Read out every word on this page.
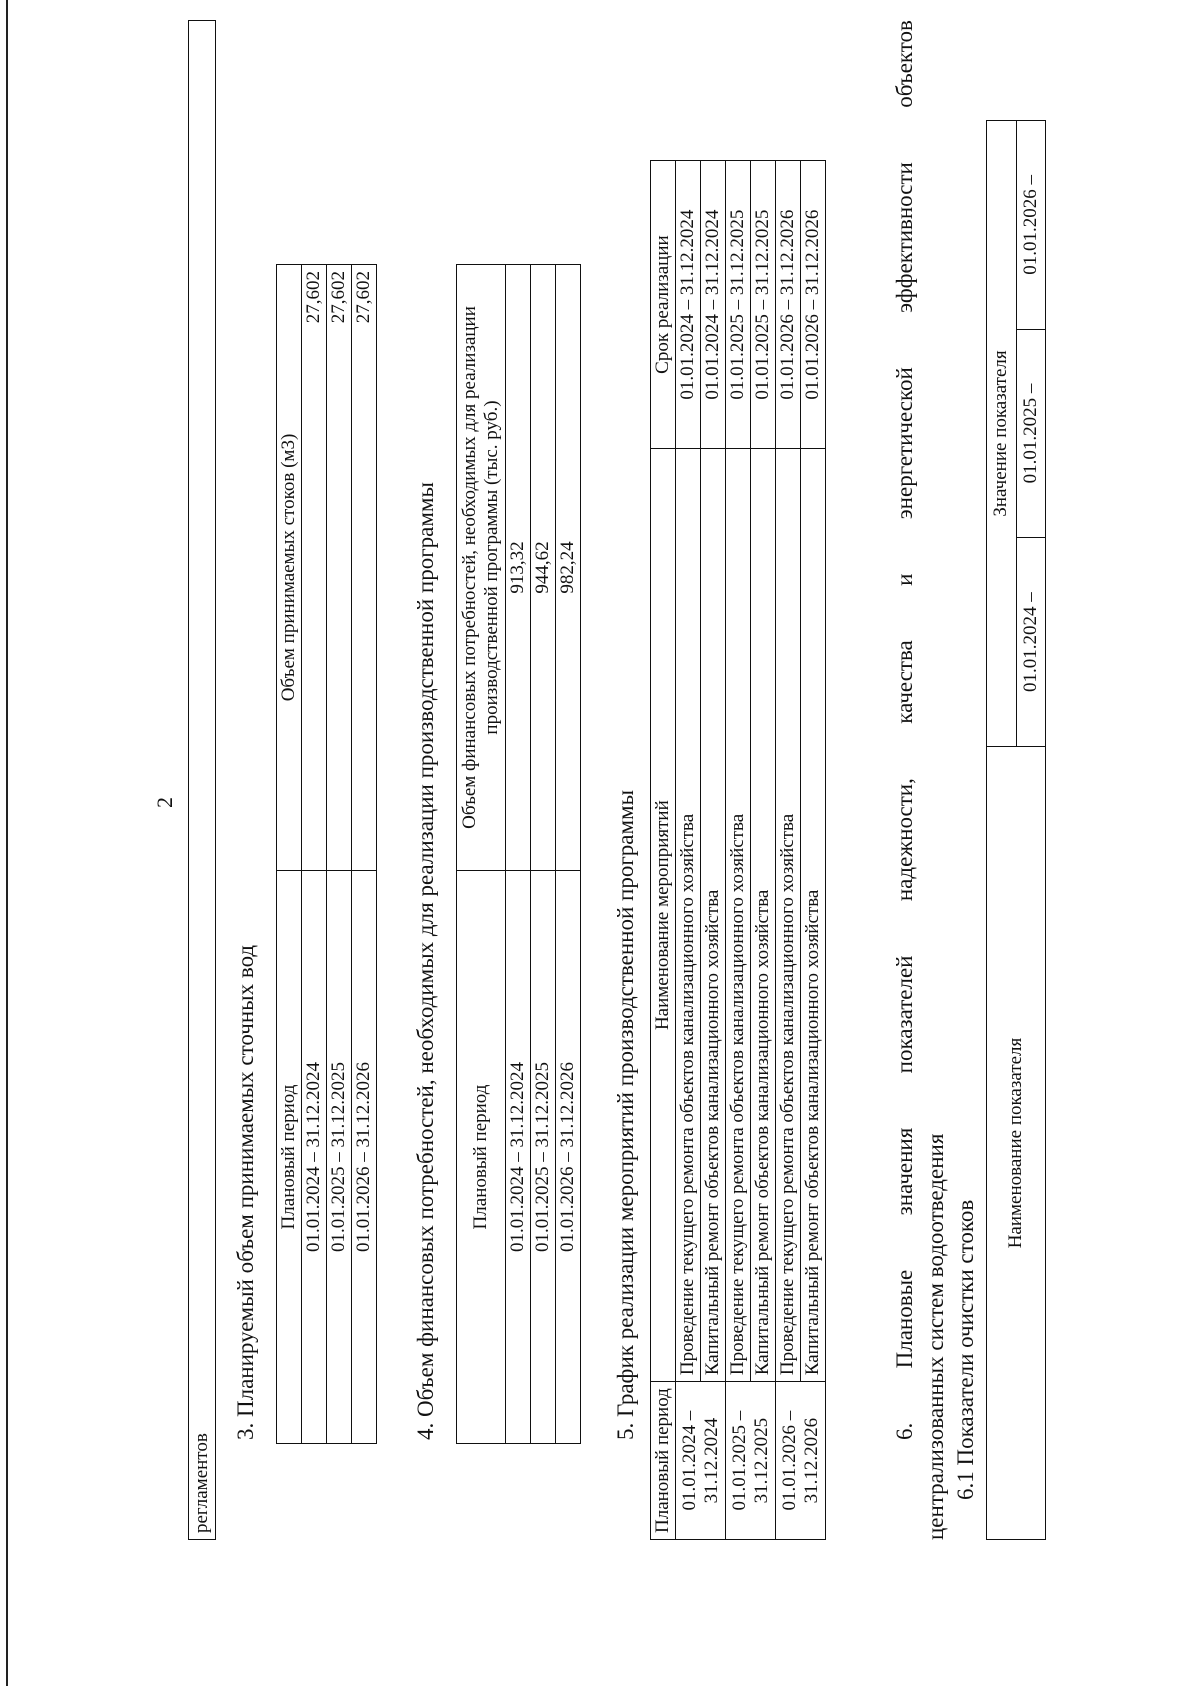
2
регламентов
3. Планируемый объем принимаемых сточных вод Плановый период	Объем принимаемых стоков (м3)
01.01.2024 – 31.12.2024	27,602
01.01.2025 – 31.12.2025	27,602
01.01.2026 – 31.12.2026	27,602
4. Объем финансовых потребностей, необходимых для реализации производственной программы Плановый период	Объем финансовых потребностей, необходимых для реализации производственной программы (тыс. руб.)
01.01.2024 – 31.12.2024	913,32
01.01.2025 – 31.12.2025	944,62
01.01.2026 – 31.12.2026	982,24
5. График реализации мероприятий производственной программы
Плановый период	Наименование мероприятий	Срок реализации
01.01.2024 – 31.12.2024	Проведение текущего ремонта объектов канализационного хозяйства	01.01.2024 – 31.12.2024
	Капитальный ремонт объектов канализационного хозяйства	01.01.2024 – 31.12.2024
01.01.2025 – 31.12.2025	Проведение текущего ремонта объектов канализационного хозяйства	01.01.2025 – 31.12.2025
	Капитальный ремонт объектов канализационного хозяйства	01.01.2025 – 31.12.2025
01.01.2026 – 31.12.2026	Проведение текущего ремонта объектов канализационного хозяйства	01.01.2026 – 31.12.2026
	Капитальный ремонт объектов канализационного хозяйства	01.01.2026 – 31.12.2026
6.
Плановые
значения
показателей
надежности,
качества
и
энергетической
эффективности
объектов
централизованных систем водоотведения 6.1 Показатели очистки стоков
Наименование показателя	Значение показателя		
	01.01.2024 –	01.01.2025 –	01.01.2026 –
